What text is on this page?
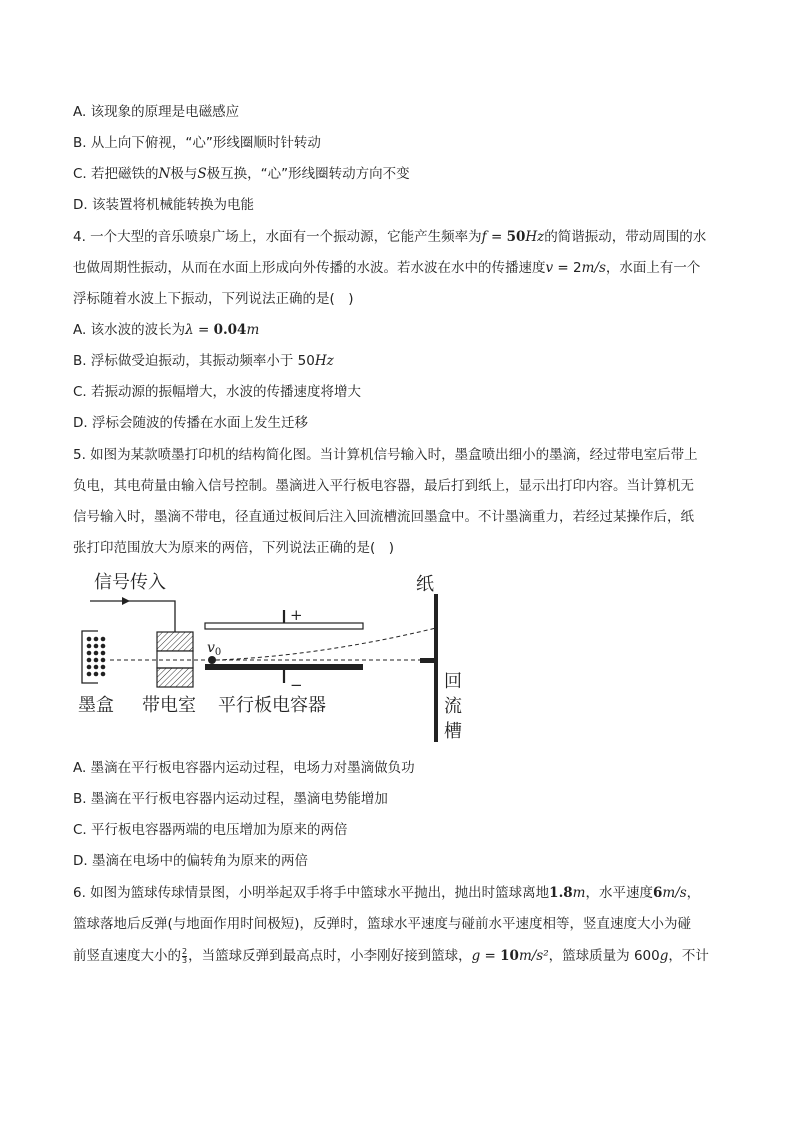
A. 该现象的原理是电磁感应
B. 从上向下俯视，“心”形线圈顺时针转动
C. 若把磁铁的N极与S极互换，“心”形线圈转动方向不变
D. 该装置将机械能转换为电能
4. 一个大型的音乐喷泉广场上，水面有一个振动源，它能产生频率为f = 50Hz的简谐振动，带动周围的水
也做周期性振动，从而在水面上形成向外传播的水波。若水波在水中的传播速度v = 2m/s，水面上有一个
浮标随着水波上下振动，下列说法正确的是(　)
A. 该水波的波长为λ = 0.04m
B. 浮标做受迫振动，其振动频率小于 50Hz
C. 若振动源的振幅增大，水波的传播速度将增大
D. 浮标会随波的传播在水面上发生迁移
5. 如图为某款喷墨打印机的结构简化图。当计算机信号输入时，墨盒喷出细小的墨滴，经过带电室后带上
负电，其电荷量由输入信号控制。墨滴进入平行板电容器，最后打到纸上，显示出打印内容。当计算机无
信号输入时，墨滴不带电，径直通过板间后注入回流槽流回墨盒中。不计墨滴重力，若经过某操作后，纸
张打印范围放大为原来的两倍，下列说法正确的是(　)
信号传入
+
−
$v_0$
纸
回
流
槽
墨盒 带电室 平行板电容器
A. 墨滴在平行板电容器内运动过程，电场力对墨滴做负功
B. 墨滴在平行板电容器内运动过程，墨滴电势能增加
C. 平行板电容器两端的电压增加为原来的两倍
D. 墨滴在电场中的偏转角为原来的两倍
6. 如图为篮球传球情景图，小明举起双手将手中篮球水平抛出，抛出时篮球离地1.8m，水平速度6m/s，
篮球落地后反弹(与地面作用时间极短)，反弹时，篮球水平速度与碰前水平速度相等，竖直速度大小为碰
前竖直速度大小的 $\frac{2}{3}$ ，当篮球反弹到最高点时，小李刚好接到篮球，g = 10m/s²，篮球质量为 600g，不计
